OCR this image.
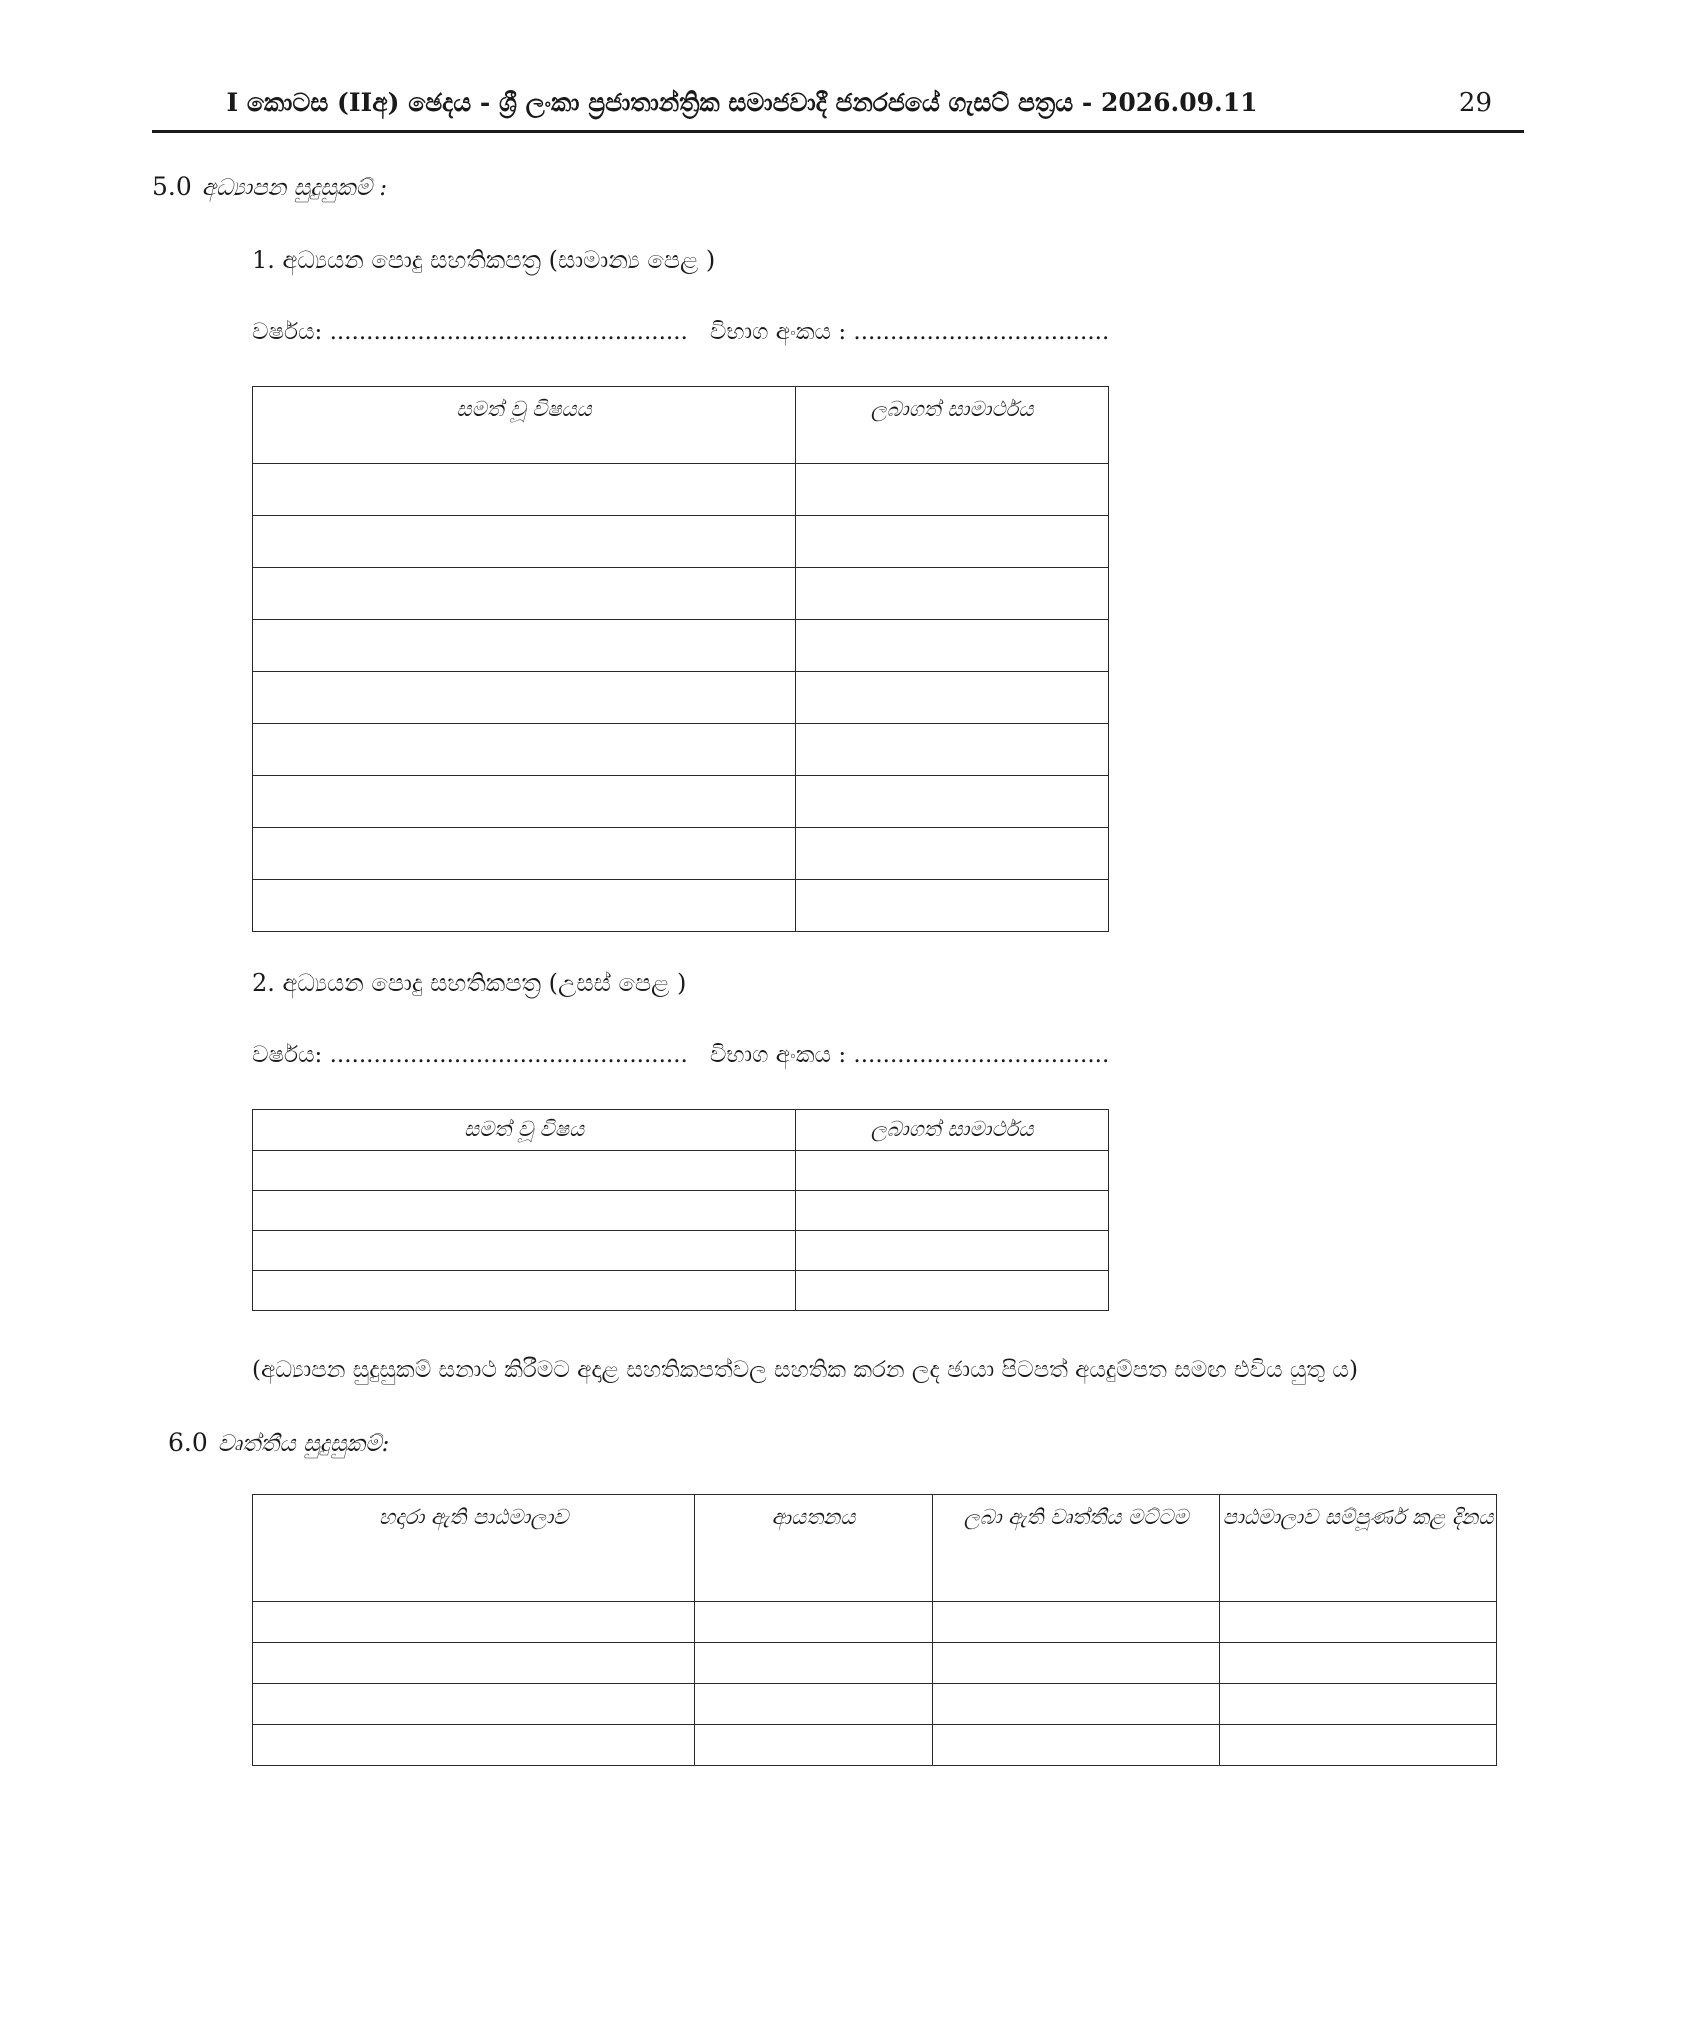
I කොටස (IIඅ) ඡෙදය - ශ්‍රී ලංකා ප්‍රජාතාන්ත්‍රික සමාජවාදී ජනරජයේ ගැසට් පත්‍රය - 2026.09.11	29
5.0 අධ්‍යාපන සුදුසුකම් :
1. අධ්‍යයන පොදු සහතිකපත්‍ර (සාමාන්‍ය පෙළ )
වර්ෂය: ................................................. විභාග අංකය : ...................................
සමත් වූ විෂයය	ලබාගත් සාමාර්ථය

2. අධ්‍යයන පොදු සහතිකපත්‍ර (උසස් පෙළ )
වර්ෂය: ................................................. විභාග අංකය : ...................................
සමත් වූ විෂය	ලබාගත් සාමාර්ථය

(අධ්‍යාපන සුදුසුකම් සනාථ කිරීමට අදාළ සහතිකපත්වල සහතික කරන ලද ඡායා පිටපත් අයදුම්පත සමඟ එවිය යුතු ය)
6.0 වෘත්තීය සුදුසුකම්:
හදාරා ඇති පාඨමාලාව	ආයතනය	ලබා ඇති වෘත්තීය මට්ටම	පාඨමාලාව සම්පූර්ණ කළ දිනය
